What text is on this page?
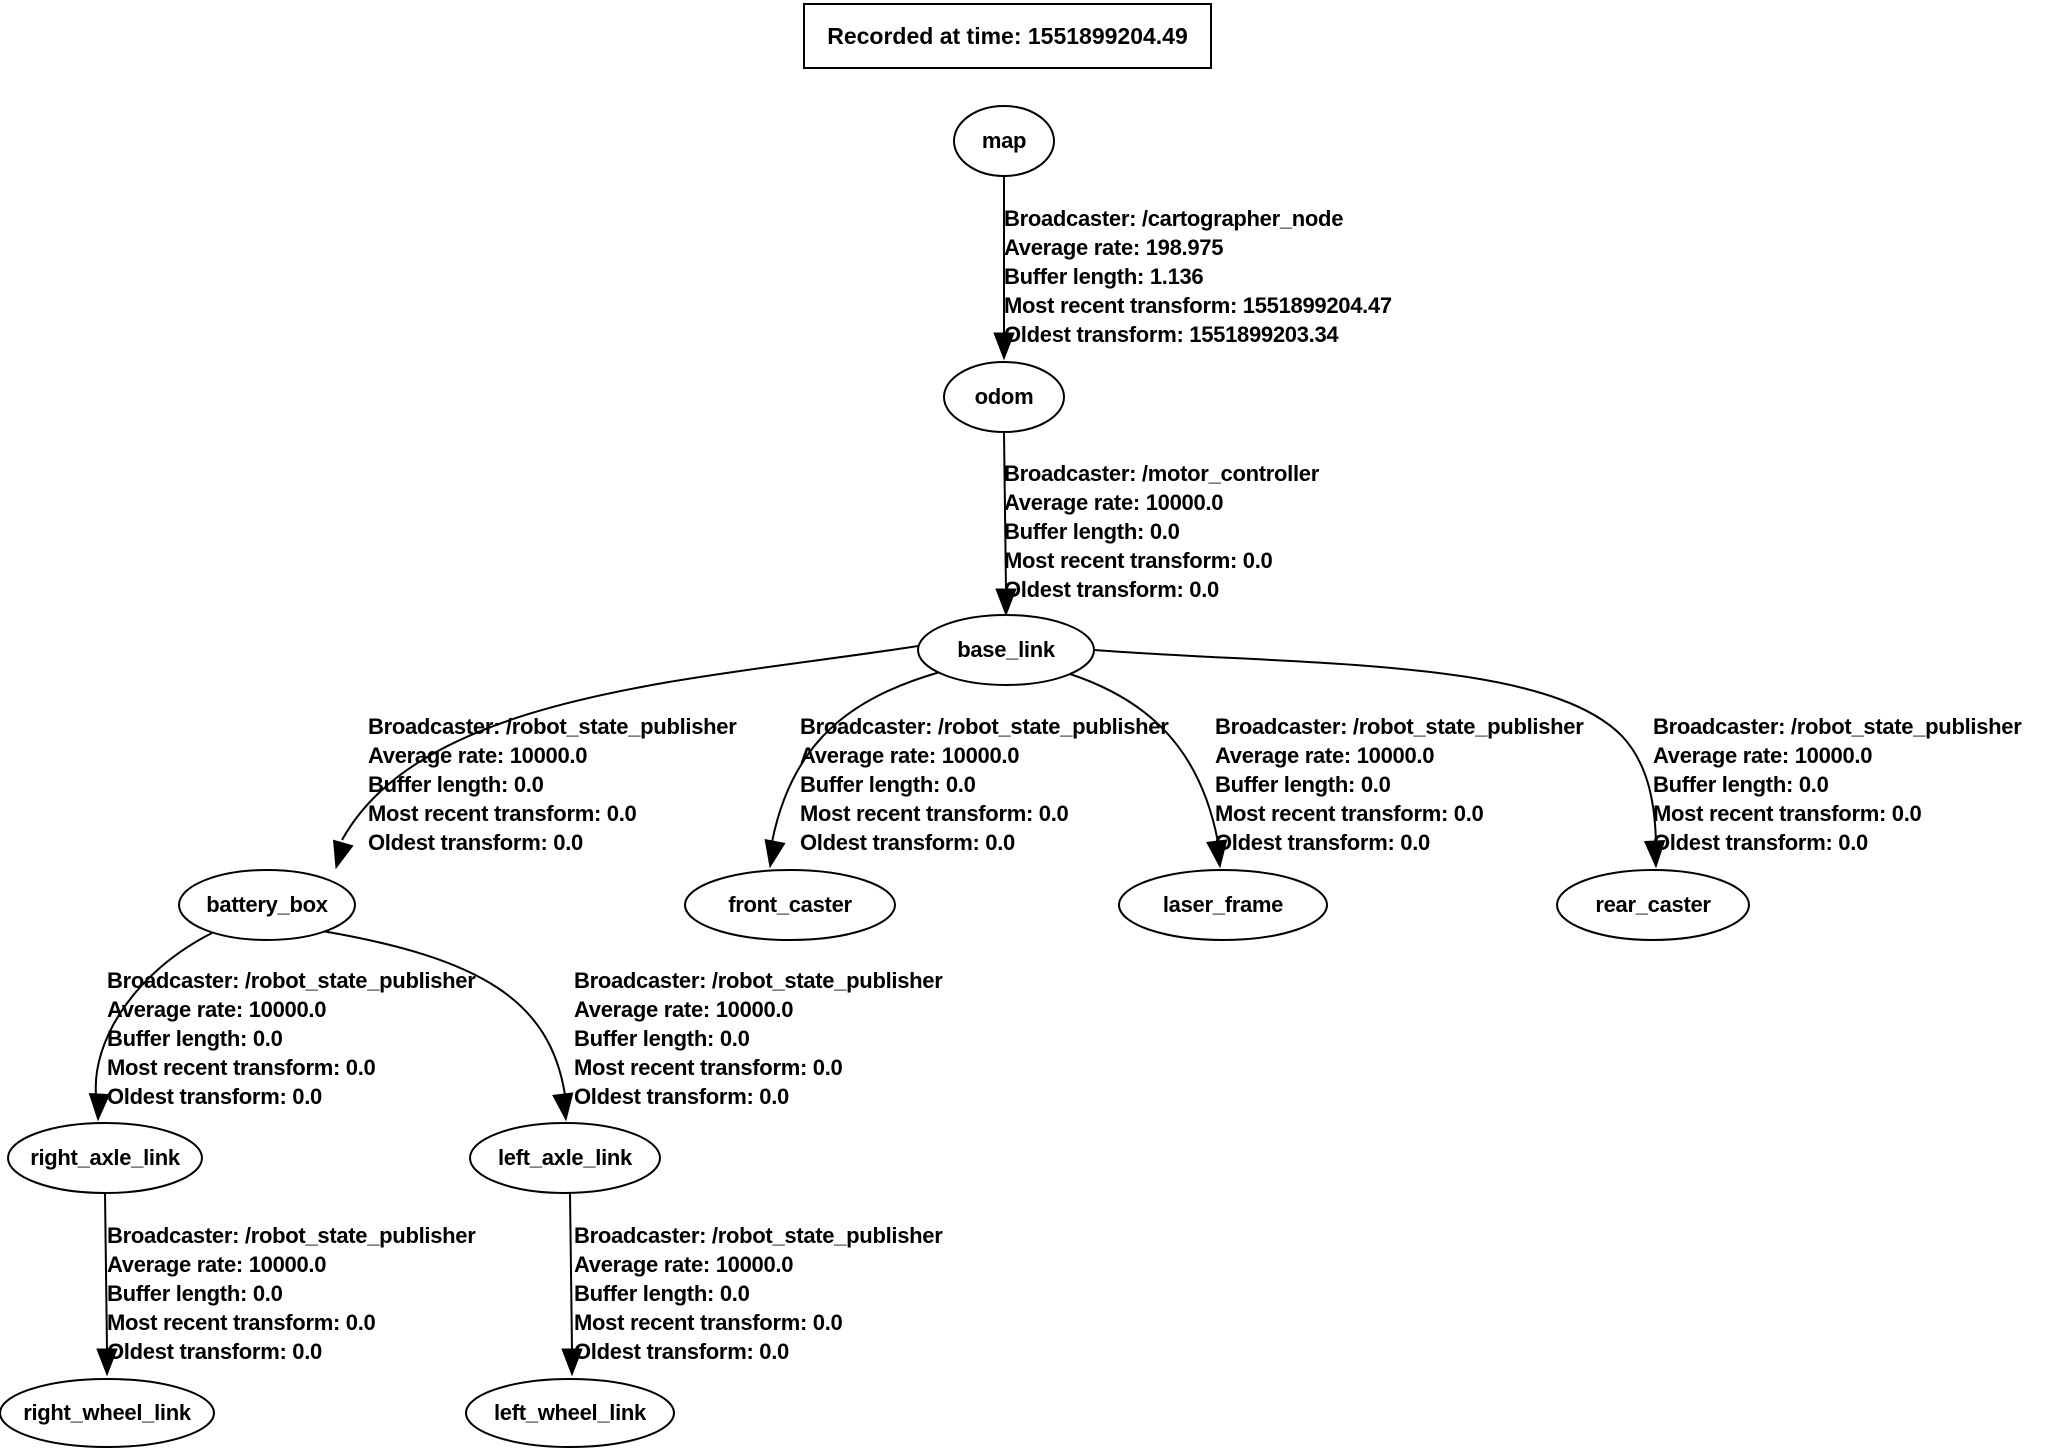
Recorded at time: 1551899204.49
map
odom
base_link
battery_box	front_caster	laser_frame	rear_caster
right_axle_link	left_axle_link
right_wheel_link	left_wheel_link
Broadcaster: /cartographer_node
Average rate: 198.975
Buffer length: 1.136
Most recent transform: 1551899204.47
Oldest transform: 1551899203.34
Broadcaster: /motor_controller
Average rate: 10000.0
Buffer length: 0.0
Most recent transform: 0.0
Oldest transform: 0.0
Broadcaster: /robot_state_publisher
Average rate: 10000.0
Buffer length: 0.0
Most recent transform: 0.0
Oldest transform: 0.0
Broadcaster: /robot_state_publisher
Average rate: 10000.0
Buffer length: 0.0
Most recent transform: 0.0
Oldest transform: 0.0
Broadcaster: /robot_state_publisher
Average rate: 10000.0
Buffer length: 0.0
Most recent transform: 0.0
Oldest transform: 0.0
Broadcaster: /robot_state_publisher
Average rate: 10000.0
Buffer length: 0.0
Most recent transform: 0.0
Oldest transform: 0.0
Broadcaster: /robot_state_publisher
Average rate: 10000.0
Buffer length: 0.0
Most recent transform: 0.0
Oldest transform: 0.0
Broadcaster: /robot_state_publisher
Average rate: 10000.0
Buffer length: 0.0
Most recent transform: 0.0
Oldest transform: 0.0
Broadcaster: /robot_state_publisher
Average rate: 10000.0
Buffer length: 0.0
Most recent transform: 0.0
Oldest transform: 0.0
Broadcaster: /robot_state_publisher
Average rate: 10000.0
Buffer length: 0.0
Most recent transform: 0.0
Oldest transform: 0.0
